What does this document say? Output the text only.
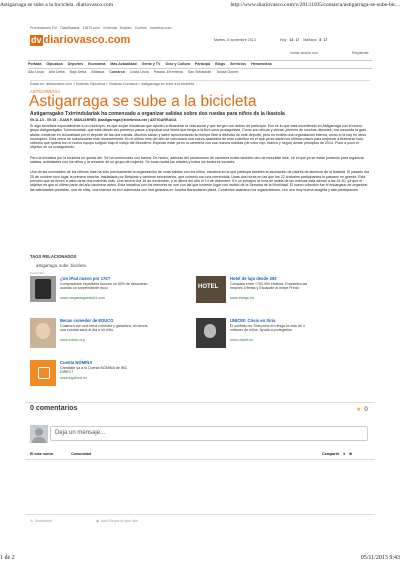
Astigarraga se sube a la bicicleta. diariovasco.com	http://www.diariovasco.com/v/20131105/comarca/astigarraga-se-sube-bic...
Promociones DV Clasificados 11870.com Vivienda Empleo Coches muerhoy.com
dv diariovasco.com	Martes, 5 noviembre 2013	Hoy 13 17 Mañana 8 17
Iniciar sesión con	Regístrate
Portada Gipuzkoa Deportes Economía Más Actualidad Gente y TV Ocio y Cultura Participa Blogs Servicios Hemeroteca
Alto Urola Alto Deba Bajo Deba Bidasoa Comarca Costa Urola Pasaia -Errenteria San Sebastián Tolosa Goierri
Estás en: diariovasco.com > Noticias Gipuzkoa > Noticias Comarca > Astigarraga se sube a la bicicleta
ASTIGARRAGA
Astigarraga se sube a la bicicleta
Astigarragako Txirrindulariak ha comenzado a organizar salidas sobre dos ruedas para niños de la ikastola
05.11.13 - 00:15 - JUAN F. MANJARRÉS jbastigarraga@telefonica.net | ASTIGARRAGA

Si algo beneficia especialmente a un municipio, es que surjan iniciativas que ayuden a dinamizar la vida social y que surgen con ánimo de participar. Eso es lo que está sucediendo en Astigarraga con el nuevo grupo Astigarragako Txirrindulariak, que está dando sus primeros pasos a impulsar una oferta que tenga a la bici como protagonista. Como son chicos y chicas, jóvenes de muchos deportes, era conocida la gran afición existente en la localidad por el deporte de las dos ruedas. Muchos salían y salen aprovechando su tiempo libre a disfrutar de este deporte, pero no existía una organización interna, como sí la hay en otros municipios. Está cerca de solucionarse este inconveniente. En el último mes del año se convocará una nueva asamblea de este colectivo en el que ya se darán los últimos pasos para empezar a federarse todo ciclismo que quiera con el nuevo equipo surgido bajo el cobijo del Munderro. Esperan estar ya en la carretera con sus nuevos maillots (de color rojo, blanco y negro) desde principios de 2014. Poco a poco el objetivo se va consiguiendo.

Pero la iniciativa por la bicicleta no queda ahí. Se ha comenzado con fuerza. De hecho, además del cicloturismo de carretera existe también otro de mountain bike, en el que ya se están juntando para organizar salidas, actividades con los niños y la creación de un grupo de mujeres. Se tocan todas las edades y todos los sectores sociales.

Una de las novedades de los últimos días ha sido precisamente la organización de unas salidas con los niños, iniciativa en la que participa también la asociación de padres de alumnos de la ikastola. El pasado día 25 de octubre tuvo lugar la primera marcha, trasladada por Belaontz y caminos secundarios, que culminó con una merendola. Unas dos horas en las que los 22 chavales participantes lo pasaron en grande. Está previsto que se lleven a cabo otras dos marchas más. Una será el día 16 de noviembre, y la última del año el 14 de diciembre. En un principio la hora de salida de las mismas está siendo a las 15.30, ya que el objetivo es que el último parte del año oscurece antes. Esta iniciativa con los menores se une con las que tuvieron lugar con motivo de la Semana de la Movilidad. El nuevo colectivo fue el encargado de organizar las actividades previstas, una de ellas, una marcha en bici culminada con una gimkana en Joseba Barandiaran plaza. Contentos acabaron los organizadores, con una muy buena acogida y alta participación.

TAGS RELACIONADOS
astigarraga, sube, bicicleta
Publicidad
¿Un iPad nuevo por 17€?
Compradores españoles buscan un 80% de descuento usando un sorprendente truco
www.megabargainks24.com
HOTEL
Hotel de lujo desde 30€
Compara entre +700.000 Hoteles. Encuentra las mejores Ofertas y Escápate al mejor Precio
www.trivago.es
Becas comedor de EDUCO
Colabora con una beca comedor y garantiza, al menos, una comida sana al día a un niño.
www.educo.org
UNICEF. Crisis en Siria
El conflicto en Siria pone en riesgo la vida de 4 millones de niños. Ayuda a protegerlos
www.unicef.es
Cuenta NÓMINA
Cámbiate ya a la Cuenta NÓMINA de ING DIRECT
www.ingdirect.es
0 comentarios	★ 0
Deja un mensaje...
El más nuevo	Comunidad	Compartir ▾ ⚙
✉ Suscríbete	◉ Add Disqus to your site
1 de 2	05/11/2013 9:43
